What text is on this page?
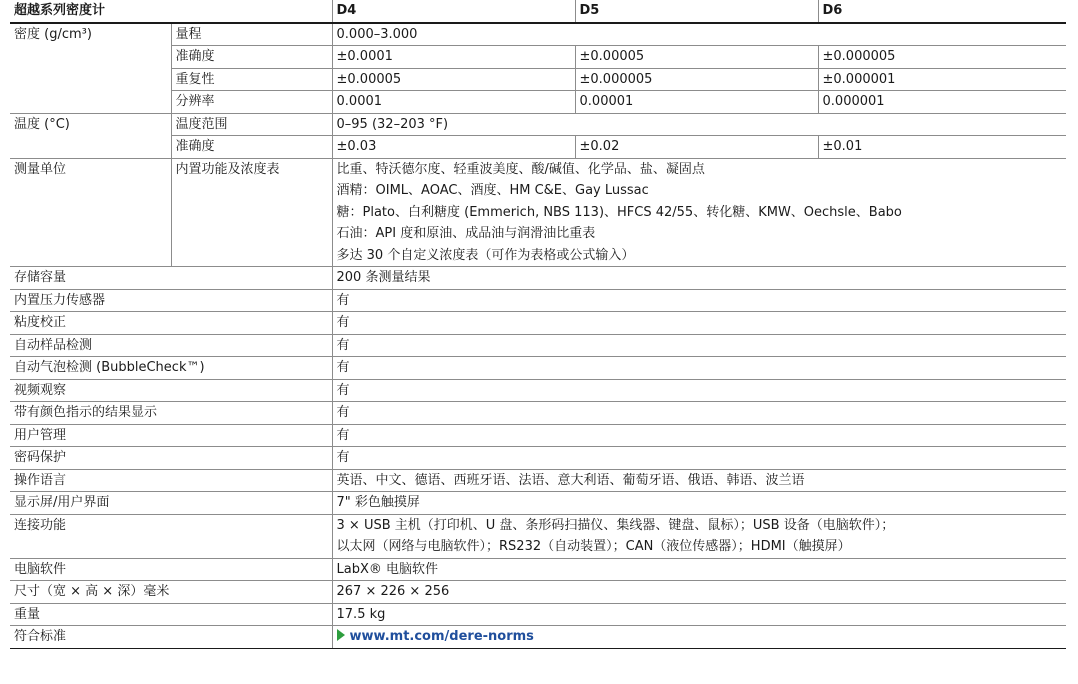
超越系列密度计		D4	D5	D6
密度 (g/cm³)	量程	0.000–3.000		
	准确度	±0.0001	±0.00005	±0.000005
	重复性	±0.00005	±0.000005	±0.000001
	分辨率	0.0001	0.00001	0.000001
温度 (°C)	温度范围	0–95 (32–203 °F)		
	准确度	±0.03	±0.02	±0.01
测量单位	内置功能及浓度表	比重、特沃德尔度、轻重波美度、酸/碱值、化学品、盐、凝固点
酒精：OIML、AOAC、酒度、HM C&E、Gay Lussac
糖：Plato、白利糖度 (Emmerich, NBS 113)、HFCS 42/55、转化糖、KMW、Oechsle、Babo
石油：API 度和原油、成品油与润滑油比重表
多达 30 个自定义浓度表（可作为表格或公式输入）		

存储容量		200 条测量结果		
内置压力传感器		有		
粘度校正		有		
自动样品检测		有		
自动气泡检测 (BubbleCheck™)		有		
视频观察		有		
带有颜色指示的结果显示		有		
用户管理		有		
密码保护		有		
操作语言		英语、中文、德语、西班牙语、法语、意大利语、葡萄牙语、俄语、韩语、波兰语		
显示屏/用户界面		7" 彩色触摸屏		
连接功能		3 × USB 主机（打印机、U 盘、条形码扫描仪、集线器、键盘、鼠标）；USB 设备（电脑软件）；
以太网（网络与电脑软件）；RS232（自动装置）；CAN（液位传感器）；HDMI（触摸屏）		

电脑软件		LabX® 电脑软件		
尺寸（宽 × 高 × 深）毫米		267 × 226 × 256		
重量		17.5 kg		
符合标准		www.mt.com/dere-norms		
